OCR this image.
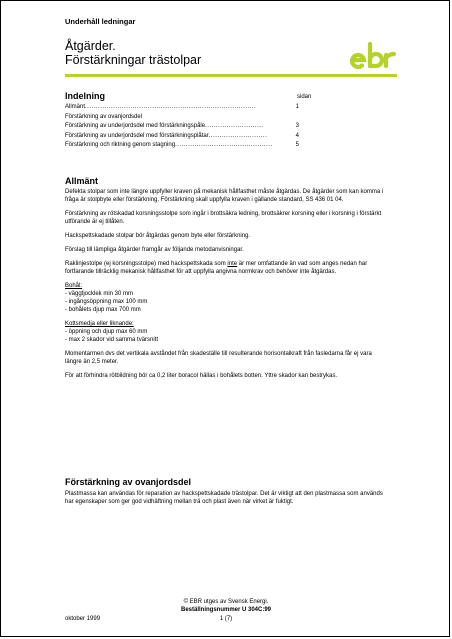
Underhåll ledningar
Åtgärder.
Förstärkningar trästolpar
Indelning	sidan
Allmänt ...............................................................................	1
Förstärkning av ovanjordsdel
Förstärkning av underjordsdel med förstärkningspåle ...........................	3
Förstärkning av underjordsdel med förstärkningsplåtar ...........................	4
Förstärkning och riktning genom stagning .............................................	5
Allmänt

Defekta stolpar som inte längre uppfyller kraven på mekanisk hållfasthet måste åtgärdas. De åtgärder som kan komma i fråga är stolpbyte eller förstärkning. Förstärkning skall uppfylla kraven i gällande standard, SS 436 01 04.

Förstärkning av rötskadad korsningsstolpe som ingår i brottsäkra ledning, brottsäkrer korsning eller i korsning i förstärkt utförande är ej tillåten.

Hackspettskadade stolpar bör åtgärdas genom byte eller förstärkning.

Förslag till lämpliga åtgärder framgår av följande metodanvisningar.

Raklinjestolpe (ej korsningsstolpe) med hackspettskada som inte är mer omfattande än vad som anges nedan har fortfarande tillräcklig mekanisk hållfasthet för att uppfylla angivna normkrav och behöver inte åtgärdas.

Bohål:

- väggtjocklek min 30 mm

- ingångsöppning max 100 mm

- bohålets djup max 700 mm

Kottsmedja eller liknande:

- öppning och djup max 60 mm

- max 2 skador vid samma tvärsnitt

Momentarmen dvs det vertikala avståndet från skadeställe till resulterande horisontalkraft från fasledarna får ej vara längre än 2,5 meter.

För att förhindra rötbildning bör ca 0,2 liter boracol hällas i bohålets botten. Yttre skador kan bestrykas.

Förstärkning av ovanjordsdel

Plastmassa kan användas för reparation av hackspettskadade trästolpar. Det är viktigt att den plastmassa som används har egenskaper som ger god vidhäftning mellan trä och plast även när virket är fuktigt.

© EBR utges av Svensk Energi.
Beställningsnummer U 304C:99
oktober 1999	1 (7)
